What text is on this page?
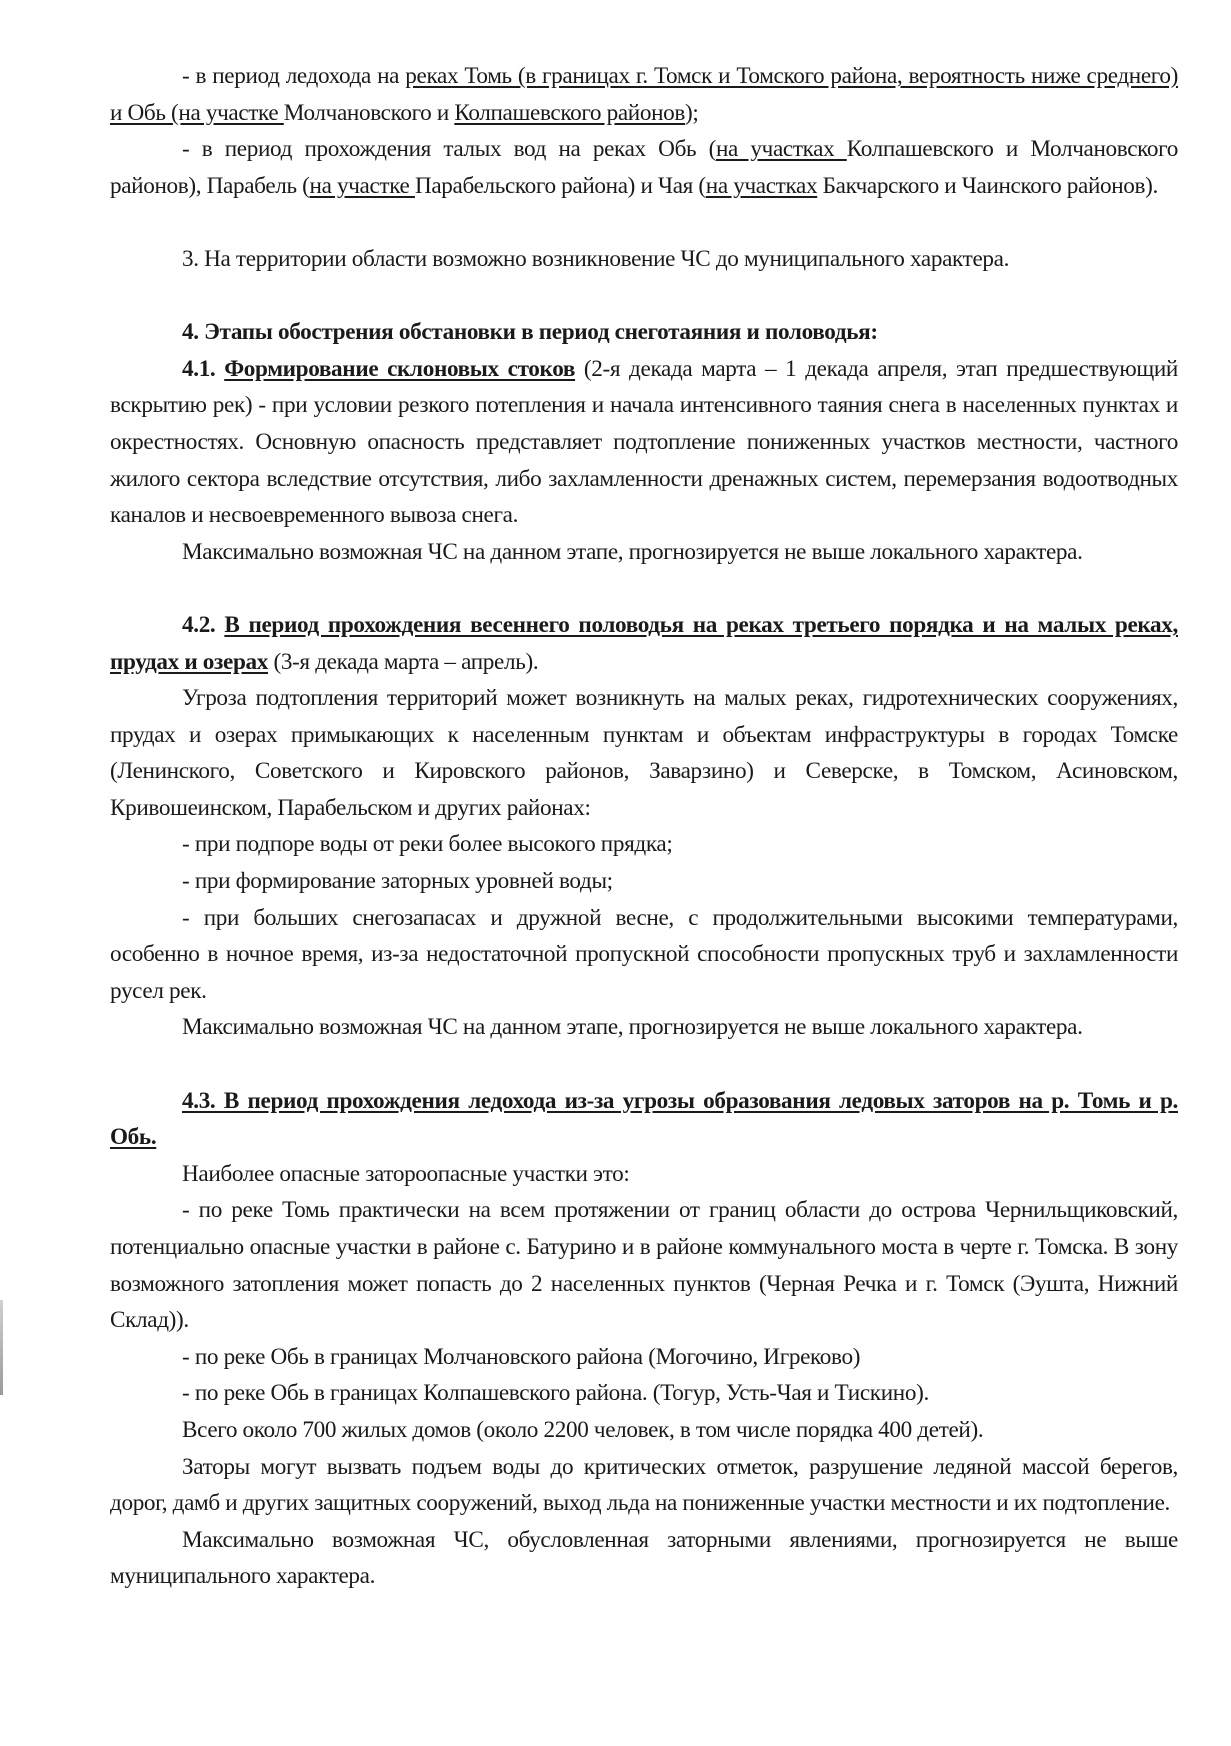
- в период ледохода на реках Томь (в границах г. Томск и Томского района, вероятность ниже среднего) и Обь (на участке Молчановского и Колпашевского районов);

- в период прохождения талых вод на реках Обь (на участках Колпашевского и Молчановского районов), Парабель (на участке Парабельского района) и Чая (на участках Бакчарского и Чаинского районов).

3. На территории области возможно возникновение ЧС до муниципального характера.

4. Этапы обострения обстановки в период снеготаяния и половодья:

4.1. Формирование склоновых стоков (2-я декада марта – 1 декада апреля, этап предшествующий вскрытию рек) - при условии резкого потепления и начала интенсивного таяния снега в населенных пунктах и окрестностях. Основную опасность представляет подтопление пониженных участков местности, частного жилого сектора вследствие отсутствия, либо захламленности дренажных систем, перемерзания водоотводных каналов и несвоевременного вывоза снега.

Максимально возможная ЧС на данном этапе, прогнозируется не выше локального характера.

4.2. В период прохождения весеннего половодья на реках третьего порядка и на малых реках, прудах и озерах (3-я декада марта – апрель).

Угроза подтопления территорий может возникнуть на малых реках, гидротехнических сооружениях, прудах и озерах примыкающих к населенным пунктам и объектам инфраструктуры в городах Томске (Ленинского, Советского и Кировского районов, Заварзино) и Северске, в Томском, Асиновском, Кривошеинском, Парабельском и других районах:

- при подпоре воды от реки более высокого прядка;

- при формирование заторных уровней воды;

- при больших снегозапасах и дружной весне, с продолжительными высокими температурами, особенно в ночное время, из-за недостаточной пропускной способности пропускных труб и захламленности русел рек.

Максимально возможная ЧС на данном этапе, прогнозируется не выше локального характера.

4.3. В период прохождения ледохода из-за угрозы образования ледовых заторов на р. Томь и р. Обь.

Наиболее опасные затороопасные участки это:

- по реке Томь практически на всем протяжении от границ области до острова Чернильщиковский, потенциально опасные участки в районе с. Батурино и в районе коммунального моста в черте г. Томска. В зону возможного затопления может попасть до 2 населенных пунктов (Черная Речка и г. Томск (Эушта, Нижний Склад)).

- по реке Обь в границах Молчановского района (Могочино, Игреково)

- по реке Обь в границах Колпашевского района. (Тогур, Усть-Чая и Тискино).

Всего около 700 жилых домов (около 2200 человек, в том числе порядка 400 детей).

Заторы могут вызвать подъем воды до критических отметок, разрушение ледяной массой берегов, дорог, дамб и других защитных сооружений, выход льда на пониженные участки местности и их подтопление.

Максимально возможная ЧС, обусловленная заторными явлениями, прогнозируется не выше муниципального характера.
